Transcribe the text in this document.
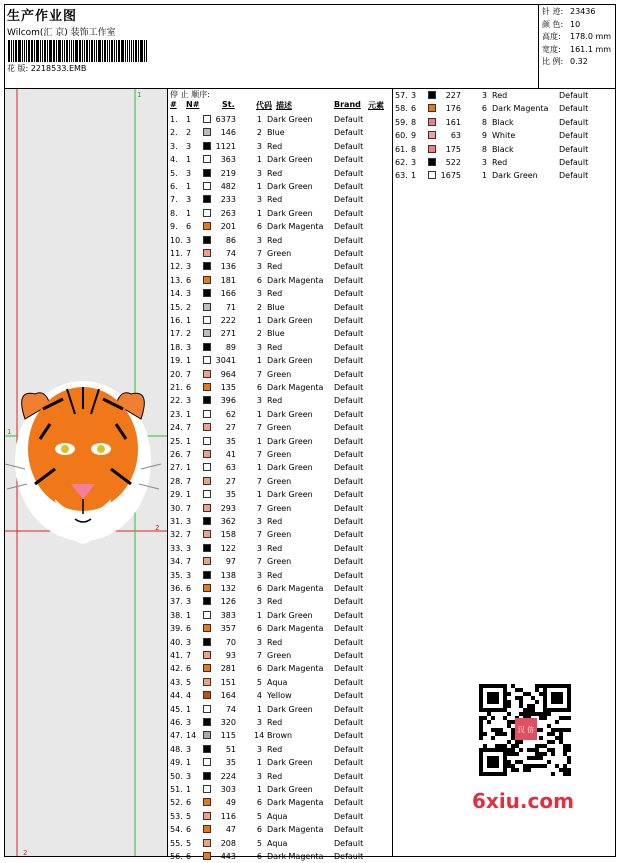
生产作业图
Wilcom(汇 京) 装饰工作室
花 版: 2218533.EMB
针 迹: 23436
颜 色: 10
高度:	178.0 mm
宽度:	161.1 mm
比 例: 0.32
1
1
2
2
停 止 顺序:
# N#	St.	代码 描述	Brand 元素
1. 1	6373	1 Dark Green	Default
2. 2	146	2 Blue	Default
3. 3	1121	3 Red	Default
4. 1	363	1 Dark Green	Default
5. 3	219	3 Red	Default
6. 1	482	1 Dark Green	Default
7. 3	233	3 Red	Default
8. 1	263	1 Dark Green	Default
9. 6	201	6 Dark Magenta Default
10. 3	86	3 Red	Default
11. 7	74	7 Green	Default
12. 3	136	3 Red	Default
13. 6	181	6 Dark Magenta Default
14. 3	166	3 Red	Default
15. 2	71	2 Blue	Default
16. 1	222	1 Dark Green	Default
17. 2	271	2 Blue	Default
18. 3	89	3 Red	Default
19. 1	3041	1 Dark Green	Default
20. 7	964	7 Green	Default
21. 6	135	6 Dark Magenta Default
22. 3	396	3 Red	Default
23. 1	62	1 Dark Green	Default
24. 7	27	7 Green	Default
25. 1	35	1 Dark Green	Default
26. 7	41	7 Green	Default
27. 1	63	1 Dark Green	Default
28. 7	27	7 Green	Default
29. 1	35	1 Dark Green	Default
30. 7	293	7 Green	Default
31. 3	362	3 Red	Default
32. 7	158	7 Green	Default
33. 3	122	3 Red	Default
34. 7	97	7 Green	Default
35. 3	138	3 Red	Default
36. 6	132	6 Dark Magenta Default
37. 3	126	3 Red	Default
38. 1	383	1 Dark Green	Default
39. 6	357	6 Dark Magenta Default
40. 3	70	3 Red	Default
41. 7	93	7 Green	Default
42. 6	281	6 Dark Magenta Default
43. 5	151	5 Aqua	Default
44. 4	164	4 Yellow	Default
45. 1	74	1 Dark Green	Default
46. 3	320	3 Red	Default
47. 14	115 14 Brown	Default
48. 3	51	3 Red	Default
49. 1	35	1 Dark Green	Default
50. 3	224	3 Red	Default
51. 1	303	1 Dark Green	Default
52. 6	49	6 Dark Magenta Default
53. 5	116	5 Aqua	Default
54. 6	47	6 Dark Magenta Default
55. 5	208	5 Aqua	Default
56. 6	443	6 Dark Magenta Default
57. 3	227	3 Red	Default
58. 6	176	6 Dark Magenta Default
59. 8	161	8 Black	Default
60. 9	63	9 White	Default
61. 8	175	8 Black	Default
62. 3	522	3 Red	Default
63. 1	1675	1 Dark Green	Default
汉 仿
6xiu.com
